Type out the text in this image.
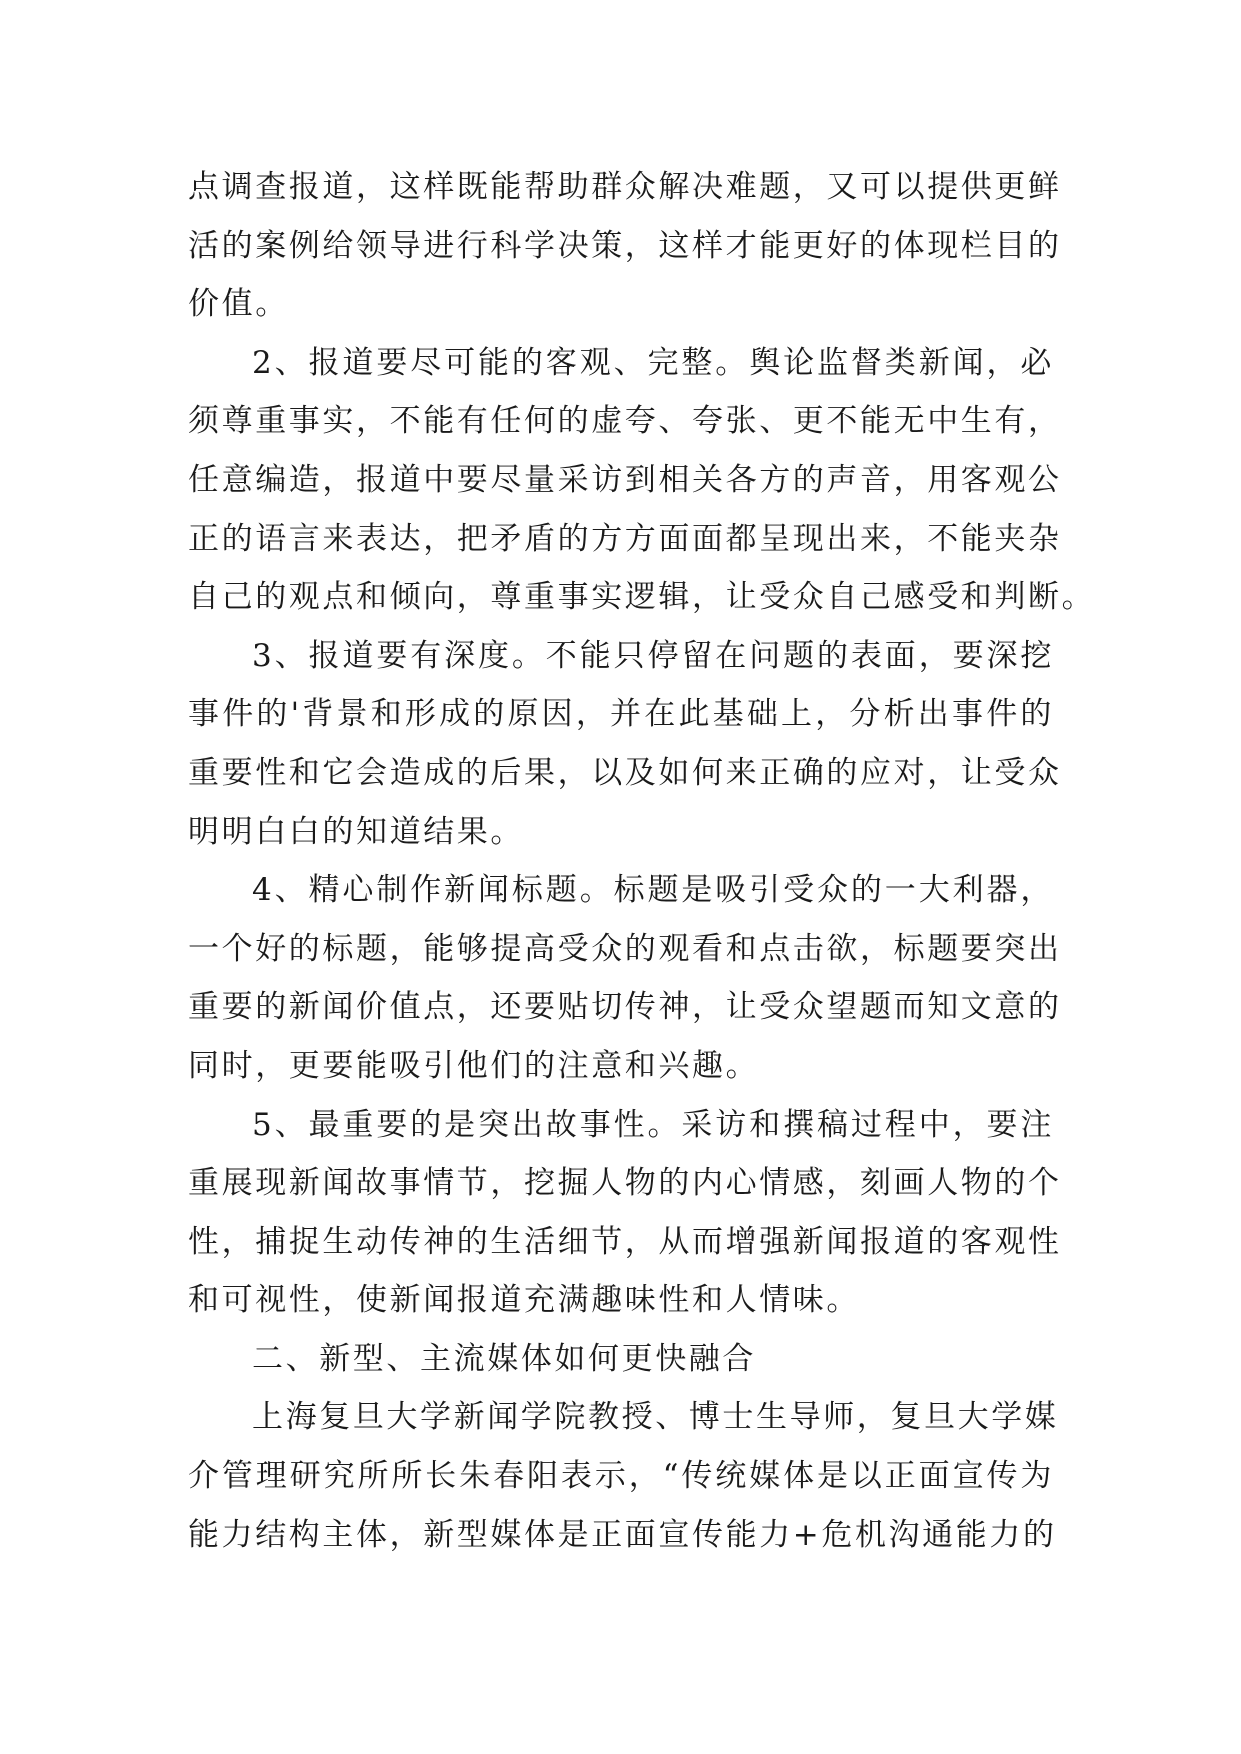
点调查报道，这样既能帮助群众解决难题，又可以提供更鲜
活的案例给领导进行科学决策，这样才能更好的体现栏目的
价值。
2、报道要尽可能的客观、完整。舆论监督类新闻，必
须尊重事实，不能有任何的虚夸、夸张、更不能无中生有，
任意编造，报道中要尽量采访到相关各方的声音，用客观公
正的语言来表达，把矛盾的方方面面都呈现出来，不能夹杂
自己的观点和倾向，尊重事实逻辑，让受众自己感受和判断。
3、报道要有深度。不能只停留在问题的表面，要深挖
事件的'背景和形成的原因，并在此基础上，分析出事件的
重要性和它会造成的后果，以及如何来正确的应对，让受众
明明白白的知道结果。
4、精心制作新闻标题。标题是吸引受众的一大利器，
一个好的标题，能够提高受众的观看和点击欲，标题要突出
重要的新闻价值点，还要贴切传神，让受众望题而知文意的
同时，更要能吸引他们的注意和兴趣。
5、最重要的是突出故事性。采访和撰稿过程中，要注
重展现新闻故事情节，挖掘人物的内心情感，刻画人物的个
性，捕捉生动传神的生活细节，从而增强新闻报道的客观性
和可视性，使新闻报道充满趣味性和人情味。
二、新型、主流媒体如何更快融合
上海复旦大学新闻学院教授、博士生导师，复旦大学媒
介管理研究所所长朱春阳表示，“传统媒体是以正面宣传为
能力结构主体，新型媒体是正面宣传能力+危机沟通能力的
